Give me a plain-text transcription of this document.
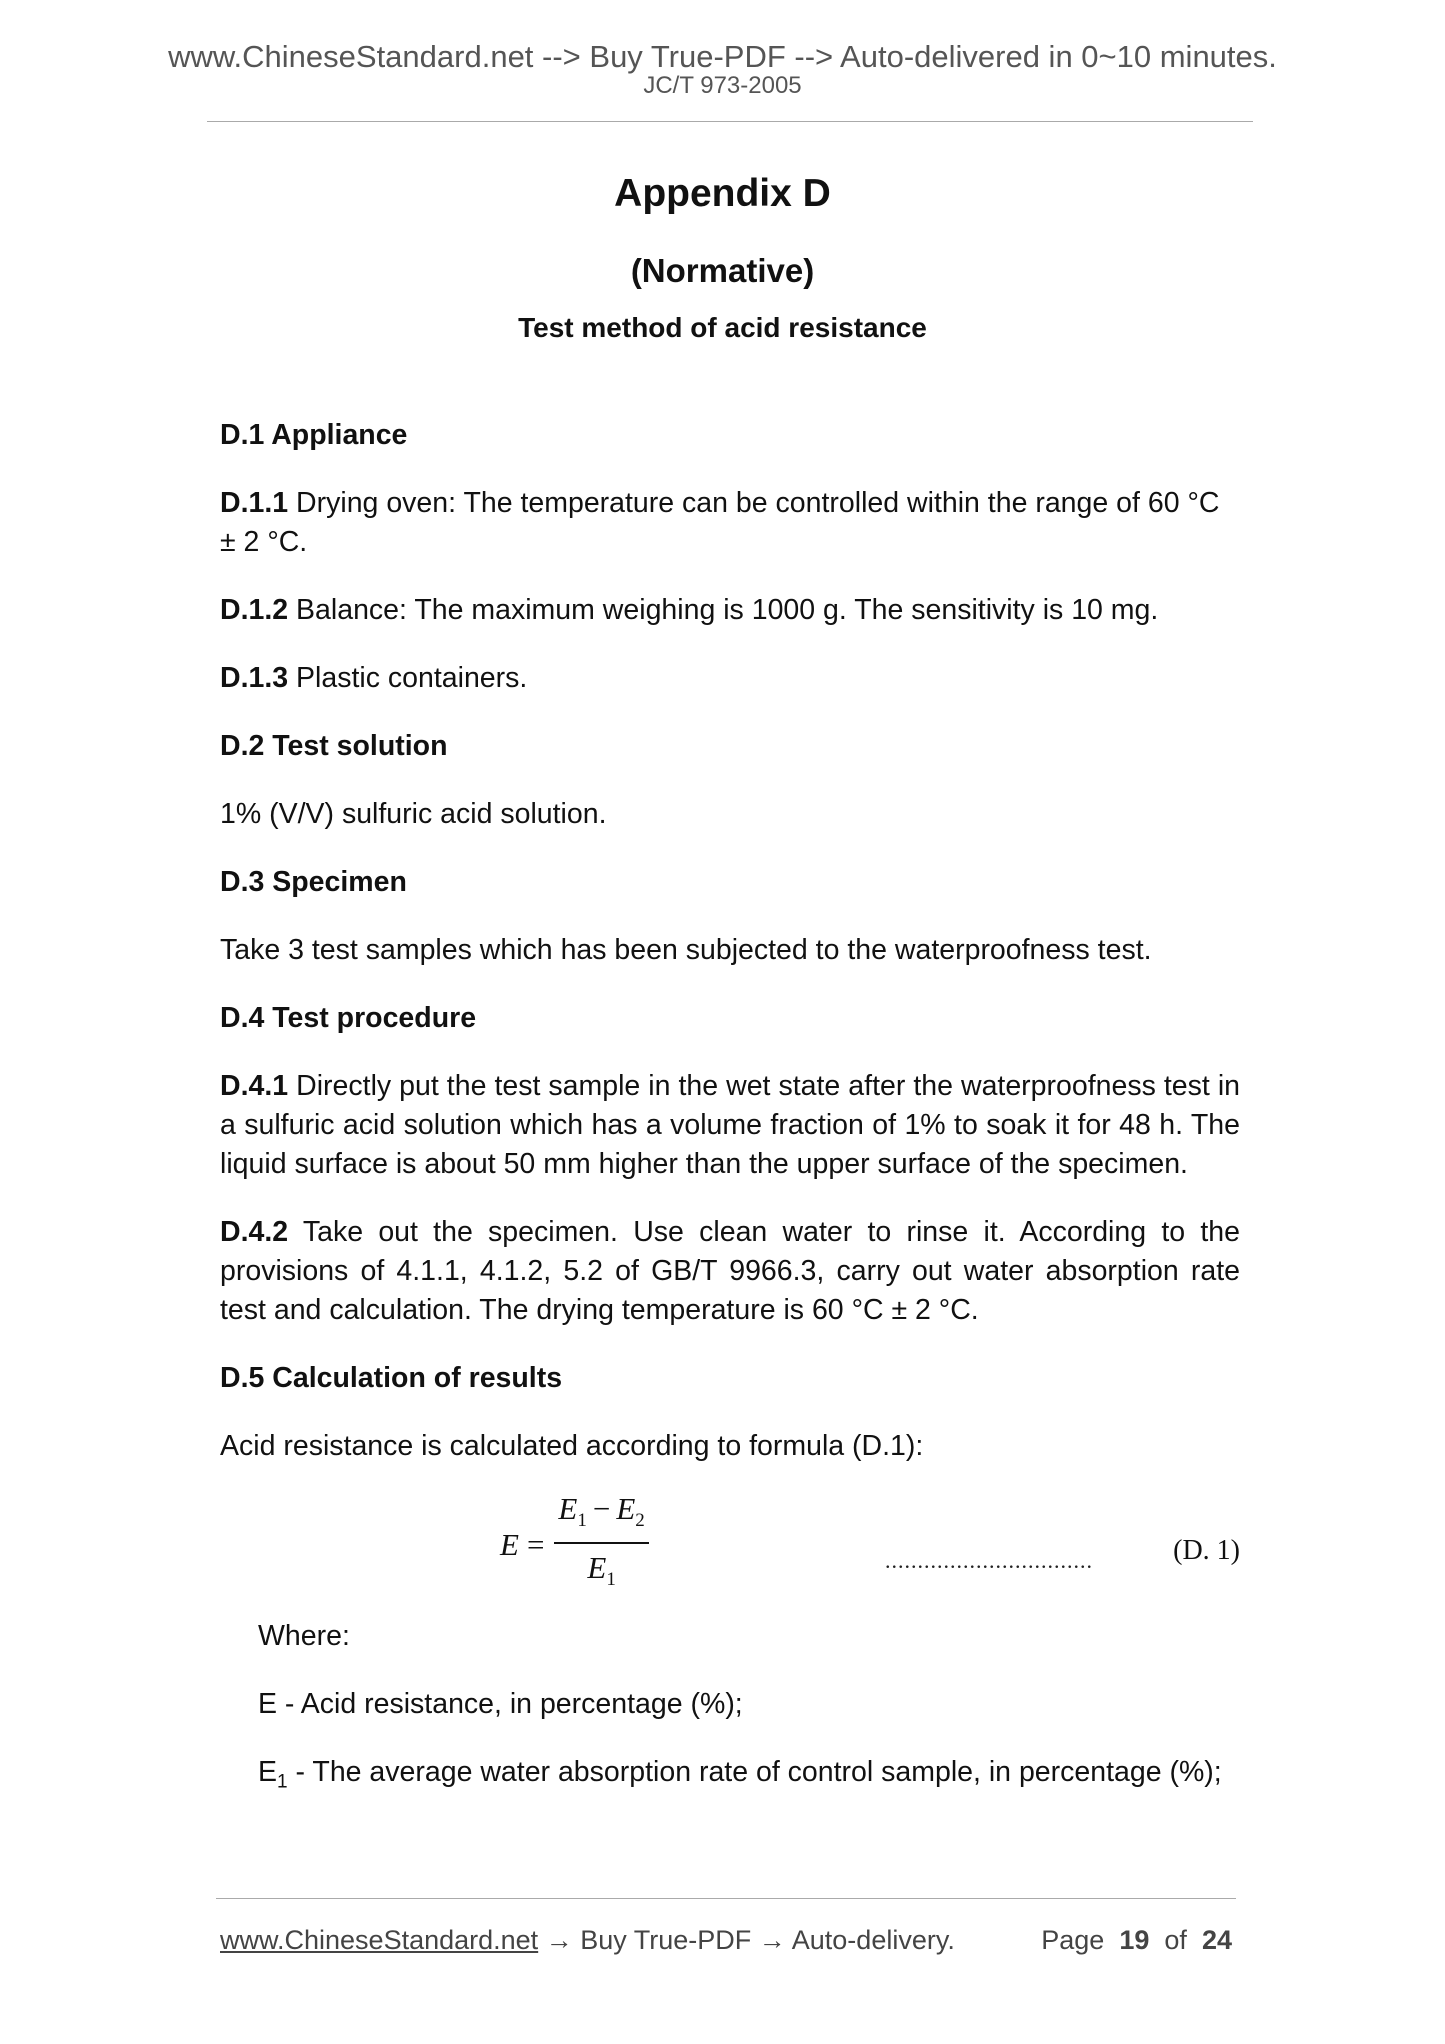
www.ChineseStandard.net --> Buy True-PDF --> Auto-delivered in 0~10 minutes.
JC/T 973-2005
Appendix D
(Normative)
Test method of acid resistance
D.1 Appliance

D.1.1 Drying oven: The temperature can be controlled within the range of 60 °C ± 2 °C.

D.1.2 Balance: The maximum weighing is 1000 g. The sensitivity is 10 mg.

D.1.3 Plastic containers.

D.2 Test solution

1% (V/V) sulfuric acid solution.

D.3 Specimen

Take 3 test samples which has been subjected to the waterproofness test.

D.4 Test procedure

D.4.1 Directly put the test sample in the wet state after the waterproofness test in a sulfuric acid solution which has a volume fraction of 1% to soak it for 48 h. The liquid surface is about 50 mm higher than the upper surface of the specimen.

D.4.2 Take out the specimen. Use clean water to rinse it. According to the provisions of 4.1.1, 4.1.2, 5.2 of GB/T 9966.3, carry out water absorption rate test and calculation. The drying temperature is 60 °C ± 2 °C.

D.5 Calculation of results

Acid resistance is calculated according to formula (D.1):

$E = \frac{E_1 - E_2}{E_1}$	................................	(D. 1)

Where:

E - Acid resistance, in percentage (%);

$E_1$ - The average water absorption rate of control sample, in percentage (%);

www.ChineseStandard.net → Buy True-PDF → Auto-delivery.	Page 19 of 24
